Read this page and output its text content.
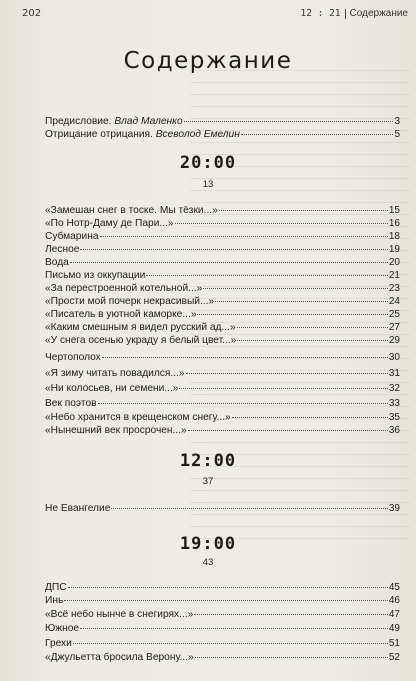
202	12 : 21 Содержание
Содержание
Предисловие. Влад Маленко	3
Отрицание отрицания. Всеволод Емелин	5
20:00
13
«Замешан снег в тоске. Мы тёзки...»	15
«По Нотр-Даму де Пари...»	16
Субмарина	18
Лесное	19
Вода	20
Письмо из оккупации	21
«За перестроенной котельной...»	23
«Прости мой почерк некрасивый...»	24
«Писатель в уютной каморке...»	25
«Каким смешным я видел русский ад...»	27
«У снега осенью украду я белый цвет...»	29
Чертополох	30
«Я зиму читать повадился...»	31
«Ни колосьев, ни семени...»	32
Век поэтов	33
«Небо хранится в крещенском снегу...»	35
«Нынешний век просрочен...»	36
12:00
37
Не Евангелие	39
19:00
43
ДПС	45
Инь	46
«Всё небо нынче в снегирях...»	47
Южное	49
Грехи	51
«Джульетта бросила Верону...»	52
